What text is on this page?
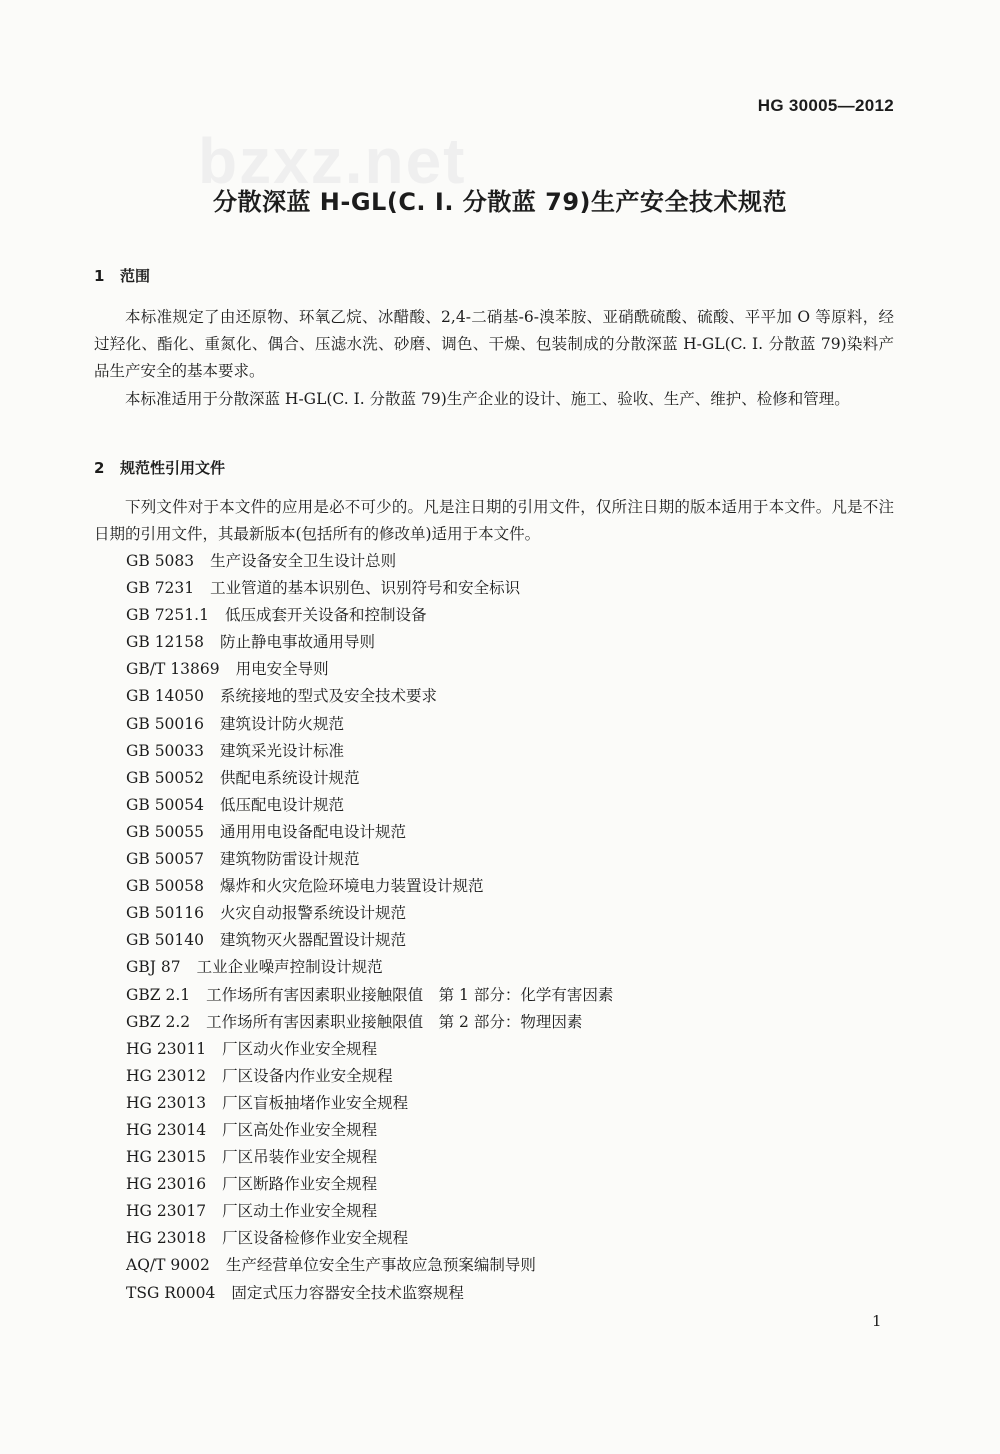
bzxz.net
HG 30005—2012
分散深蓝 H-GL(C. I. 分散蓝 79)生产安全技术规范
1 范围

本标准规定了由还原物、环氧乙烷、冰醋酸、2,4-二硝基-6-溴苯胺、亚硝酰硫酸、硫酸、平平加 O 等原料，经过羟化、酯化、重氮化、偶合、压滤水洗、砂磨、调色、干燥、包装制成的分散深蓝 H-GL(C. I. 分散蓝 79)染料产品生产安全的基本要求。

本标准适用于分散深蓝 H-GL(C. I. 分散蓝 79)生产企业的设计、施工、验收、生产、维护、检修和管理。

2 规范性引用文件

下列文件对于本文件的应用是必不可少的。凡是注日期的引用文件，仅所注日期的版本适用于本文件。凡是不注日期的引用文件，其最新版本(包括所有的修改单)适用于本文件。

GB 5083 生产设备安全卫生设计总则
GB 7231 工业管道的基本识别色、识别符号和安全标识
GB 7251.1 低压成套开关设备和控制设备
GB 12158 防止静电事故通用导则
GB/T 13869 用电安全导则
GB 14050 系统接地的型式及安全技术要求
GB 50016 建筑设计防火规范
GB 50033 建筑采光设计标准
GB 50052 供配电系统设计规范
GB 50054 低压配电设计规范
GB 50055 通用用电设备配电设计规范
GB 50057 建筑物防雷设计规范
GB 50058 爆炸和火灾危险环境电力装置设计规范
GB 50116 火灾自动报警系统设计规范
GB 50140 建筑物灭火器配置设计规范
GBJ 87 工业企业噪声控制设计规范
GBZ 2.1 工作场所有害因素职业接触限值　第 1 部分：化学有害因素
GBZ 2.2 工作场所有害因素职业接触限值　第 2 部分：物理因素
HG 23011 厂区动火作业安全规程
HG 23012 厂区设备内作业安全规程
HG 23013 厂区盲板抽堵作业安全规程
HG 23014 厂区高处作业安全规程
HG 23015 厂区吊装作业安全规程
HG 23016 厂区断路作业安全规程
HG 23017 厂区动土作业安全规程
HG 23018 厂区设备检修作业安全规程
AQ/T 9002 生产经营单位安全生产事故应急预案编制导则
TSG R0004 固定式压力容器安全技术监察规程
1
